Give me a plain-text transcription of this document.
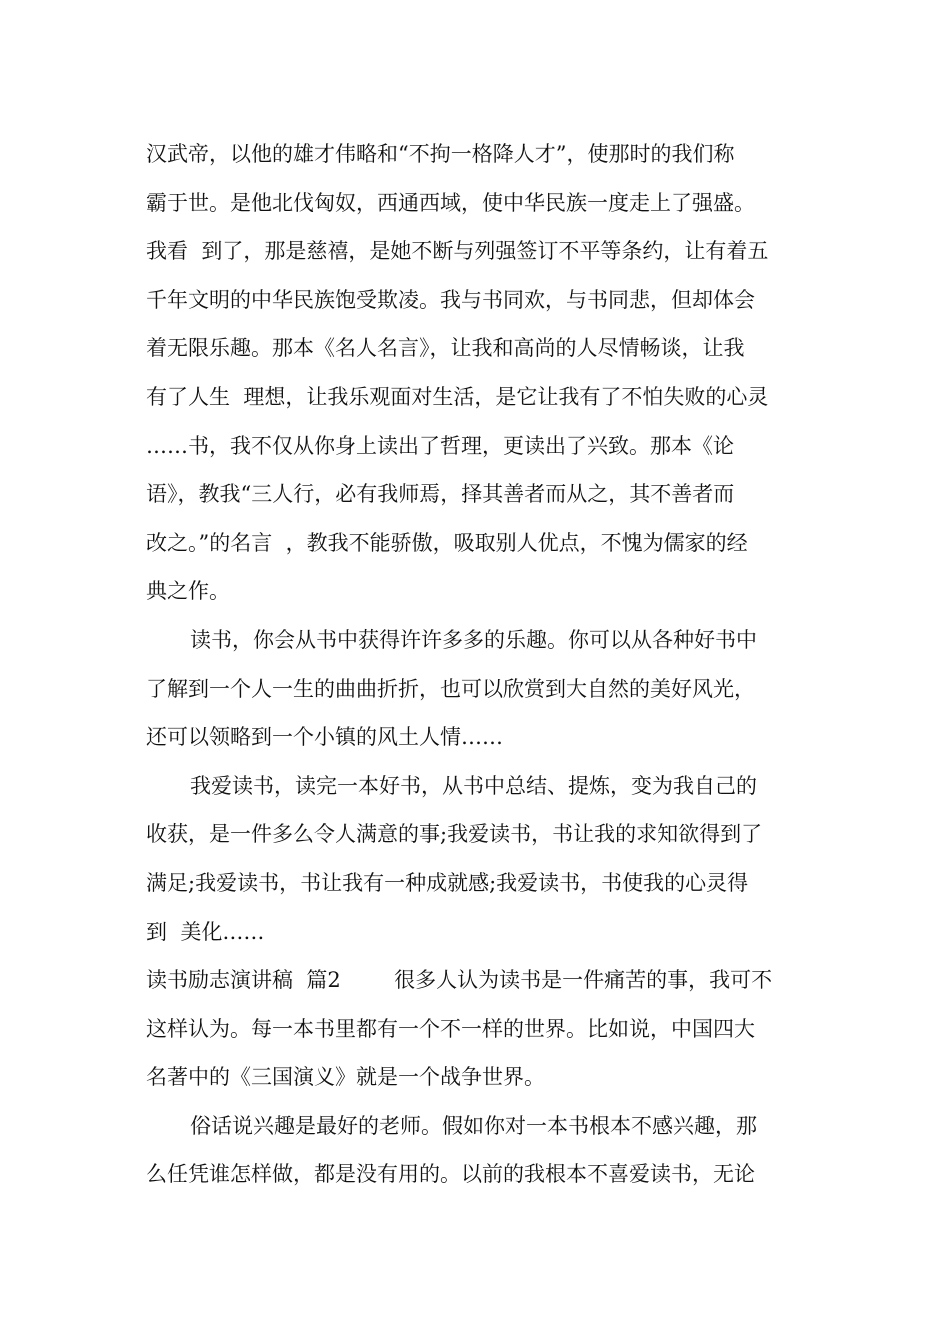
汉武帝，以他的雄才伟略和“不拘一格降人才”，使那时的我们称
霸于世。是他北伐匈奴，西通西域，使中华民族一度走上了强盛。
我看  到了，那是慈禧，是她不断与列强签订不平等条约，让有着五
千年文明的中华民族饱受欺凌。我与书同欢，与书同悲，但却体会
着无限乐趣。那本《名人名言》，让我和高尚的人尽情畅谈，让我
有了人生  理想，让我乐观面对生活，是它让我有了不怕失败的心灵
……书，我不仅从你身上读出了哲理，更读出了兴致。那本《论
语》，教我“三人行，必有我师焉，择其善者而从之，其不善者而
改之。”的名言  ，教我不能骄傲，吸取别人优点，不愧为儒家的经
典之作。
读书，你会从书中获得许许多多的乐趣。你可以从各种好书中
了解到一个人一生的曲曲折折，也可以欣赏到大自然的美好风光，
还可以领略到一个小镇的风土人情……
我爱读书，读完一本好书，从书中总结、提炼，变为我自己的
收获，是一件多么令人满意的事;我爱读书，书让我的求知欲得到了
满足;我爱读书，书让我有一种成就感;我爱读书，书使我的心灵得
到  美化……
读书励志演讲稿  篇2        很多人认为读书是一件痛苦的事，我可不
这样认为。每一本书里都有一个不一样的世界。比如说，中国四大
名著中的《三国演义》就是一个战争世界。
俗话说兴趣是最好的老师。假如你对一本书根本不感兴趣，那
么任凭谁怎样做，都是没有用的。以前的我根本不喜爱读书，无论
